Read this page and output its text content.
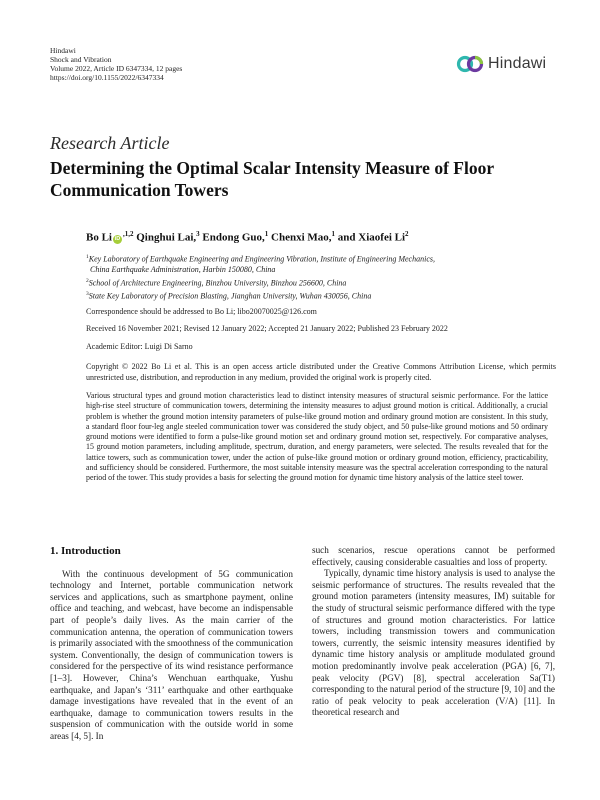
Hindawi
Shock and Vibration
Volume 2022, Article ID 6347334, 12 pages
https://doi.org/10.1155/2022/6347334
Hindawi
Research Article
Determining the Optimal Scalar Intensity Measure of Floor Communication Towers
Bo Li $iD^{,1,2}$ Qinghui Lai,$^3$ Endong Guo,$^1$ Chenxi Mao,$^1$ and Xiaofei Li$^2$
$^1$Key Laboratory of Earthquake Engineering and Engineering Vibration, Institute of Engineering Mechanics,
China Earthquake Administration, Harbin 150080, China
$^2$School of Architecture Engineering, Binzhou University, Binzhou 256600, China
$^3$State Key Laboratory of Precision Blasting, Jianghan University, Wuhan 430056, China
Correspondence should be addressed to Bo Li; libo20070025@126.com
Received 16 November 2021; Revised 12 January 2022; Accepted 21 January 2022; Published 23 February 2022
Academic Editor: Luigi Di Sarno
Copyright © 2022 Bo Li et al. This is an open access article distributed under the Creative Commons Attribution License, which permits unrestricted use, distribution, and reproduction in any medium, provided the original work is properly cited.
Various structural types and ground motion characteristics lead to distinct intensity measures of structural seismic performance. For the lattice high-rise steel structure of communication towers, determining the intensity measures to adjust ground motion is critical. Additionally, a crucial problem is whether the ground motion intensity parameters of pulse-like ground motion and ordinary ground motion are consistent. In this study, a standard floor four-leg angle steeled communication tower was considered the study object, and 50 pulse-like ground motions and 50 ordinary ground motions were identified to form a pulse-like ground motion set and ordinary ground motion set, respectively. For comparative analyses, 15 ground motion parameters, including amplitude, spectrum, duration, and energy parameters, were selected. The results revealed that for the lattice towers, such as communication tower, under the action of pulse-like ground motion or ordinary ground motion, efficiency, practicability, and sufficiency should be considered. Furthermore, the most suitable intensity measure was the spectral acceleration corresponding to the natural period of the tower. This study provides a basis for selecting the ground motion for dynamic time history analysis of the lattice steel tower.
1. Introduction

With the continuous development of 5G communication technology and Internet, portable communication network services and applications, such as smartphone payment, online office and teaching, and webcast, have become an indispensable part of people’s daily lives. As the main carrier of the communication antenna, the operation of communication towers is primarily associated with the smoothness of the communication system. Conventionally, the design of communication towers is considered for the perspective of its wind resistance performance [1–3]. However, China’s Wenchuan earthquake, Yushu earthquake, and Japan’s ‘311’ earthquake and other earthquake damage investigations have revealed that in the event of an earthquake, damage to communication towers results in the suspension of communication with the outside world in some areas [4, 5]. In

such scenarios, rescue operations cannot be performed effectively, causing considerable casualties and loss of property.

Typically, dynamic time history analysis is used to analyse the seismic performance of structures. The results revealed that the ground motion parameters (intensity measures, IM) suitable for the study of structural seismic performance differed with the type of structures and ground motion characteristics. For lattice towers, including transmission towers and communication towers, currently, the seismic intensity measures identified by dynamic time history analysis or amplitude modulated ground motion predominantly involve peak acceleration (PGA) [6, 7], peak velocity (PGV) [8], spectral acceleration Sa(T1) corresponding to the natural period of the structure [9, 10] and the ratio of peak velocity to peak acceleration (V/A) [11]. In theoretical research and
